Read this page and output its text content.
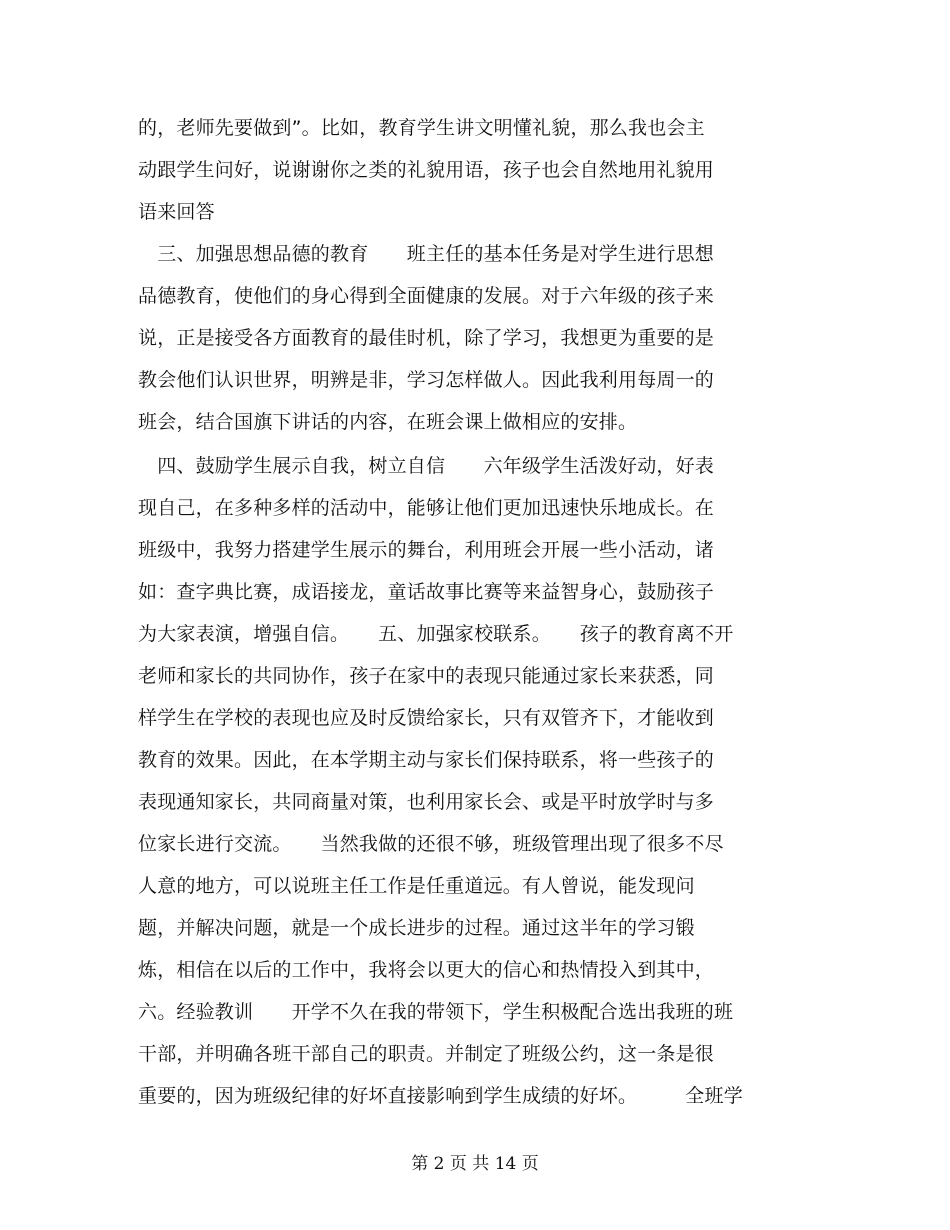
的，老师先要做到”。比如，教育学生讲文明懂礼貌，那么我也会主
动跟学生问好，说谢谢你之类的礼貌用语，孩子也会自然地用礼貌用
语来回答
　三、加强思想品德的教育　　班主任的基本任务是对学生进行思想
品德教育，使他们的身心得到全面健康的发展。对于六年级的孩子来
说，正是接受各方面教育的最佳时机，除了学习，我想更为重要的是
教会他们认识世界，明辨是非，学习怎样做人。因此我利用每周一的
班会，结合国旗下讲话的内容，在班会课上做相应的安排。
　四、鼓励学生展示自我，树立自信　　六年级学生活泼好动，好表
现自己，在多种多样的活动中，能够让他们更加迅速快乐地成长。在
班级中，我努力搭建学生展示的舞台，利用班会开展一些小活动，诸
如：查字典比赛，成语接龙，童话故事比赛等来益智身心，鼓励孩子
为大家表演，增强自信。　　五、加强家校联系。　　孩子的教育离不开
老师和家长的共同协作，孩子在家中的表现只能通过家长来获悉，同
样学生在学校的表现也应及时反馈给家长，只有双管齐下，才能收到
教育的效果。因此，在本学期主动与家长们保持联系，将一些孩子的
表现通知家长，共同商量对策，也利用家长会、或是平时放学时与多
位家长进行交流。　　当然我做的还很不够，班级管理出现了很多不尽
人意的地方，可以说班主任工作是任重道远。有人曾说，能发现问
题，并解决问题，就是一个成长进步的过程。通过这半年的学习锻
炼，相信在以后的工作中，我将会以更大的信心和热情投入到其中，
六。经验教训　　开学不久在我的带领下，学生积极配合选出我班的班
干部，并明确各班干部自己的职责。并制定了班级公约，这一条是很
重要的，因为班级纪律的好坏直接影响到学生成绩的好坏。　　　全班学
第 2 页 共 14 页
